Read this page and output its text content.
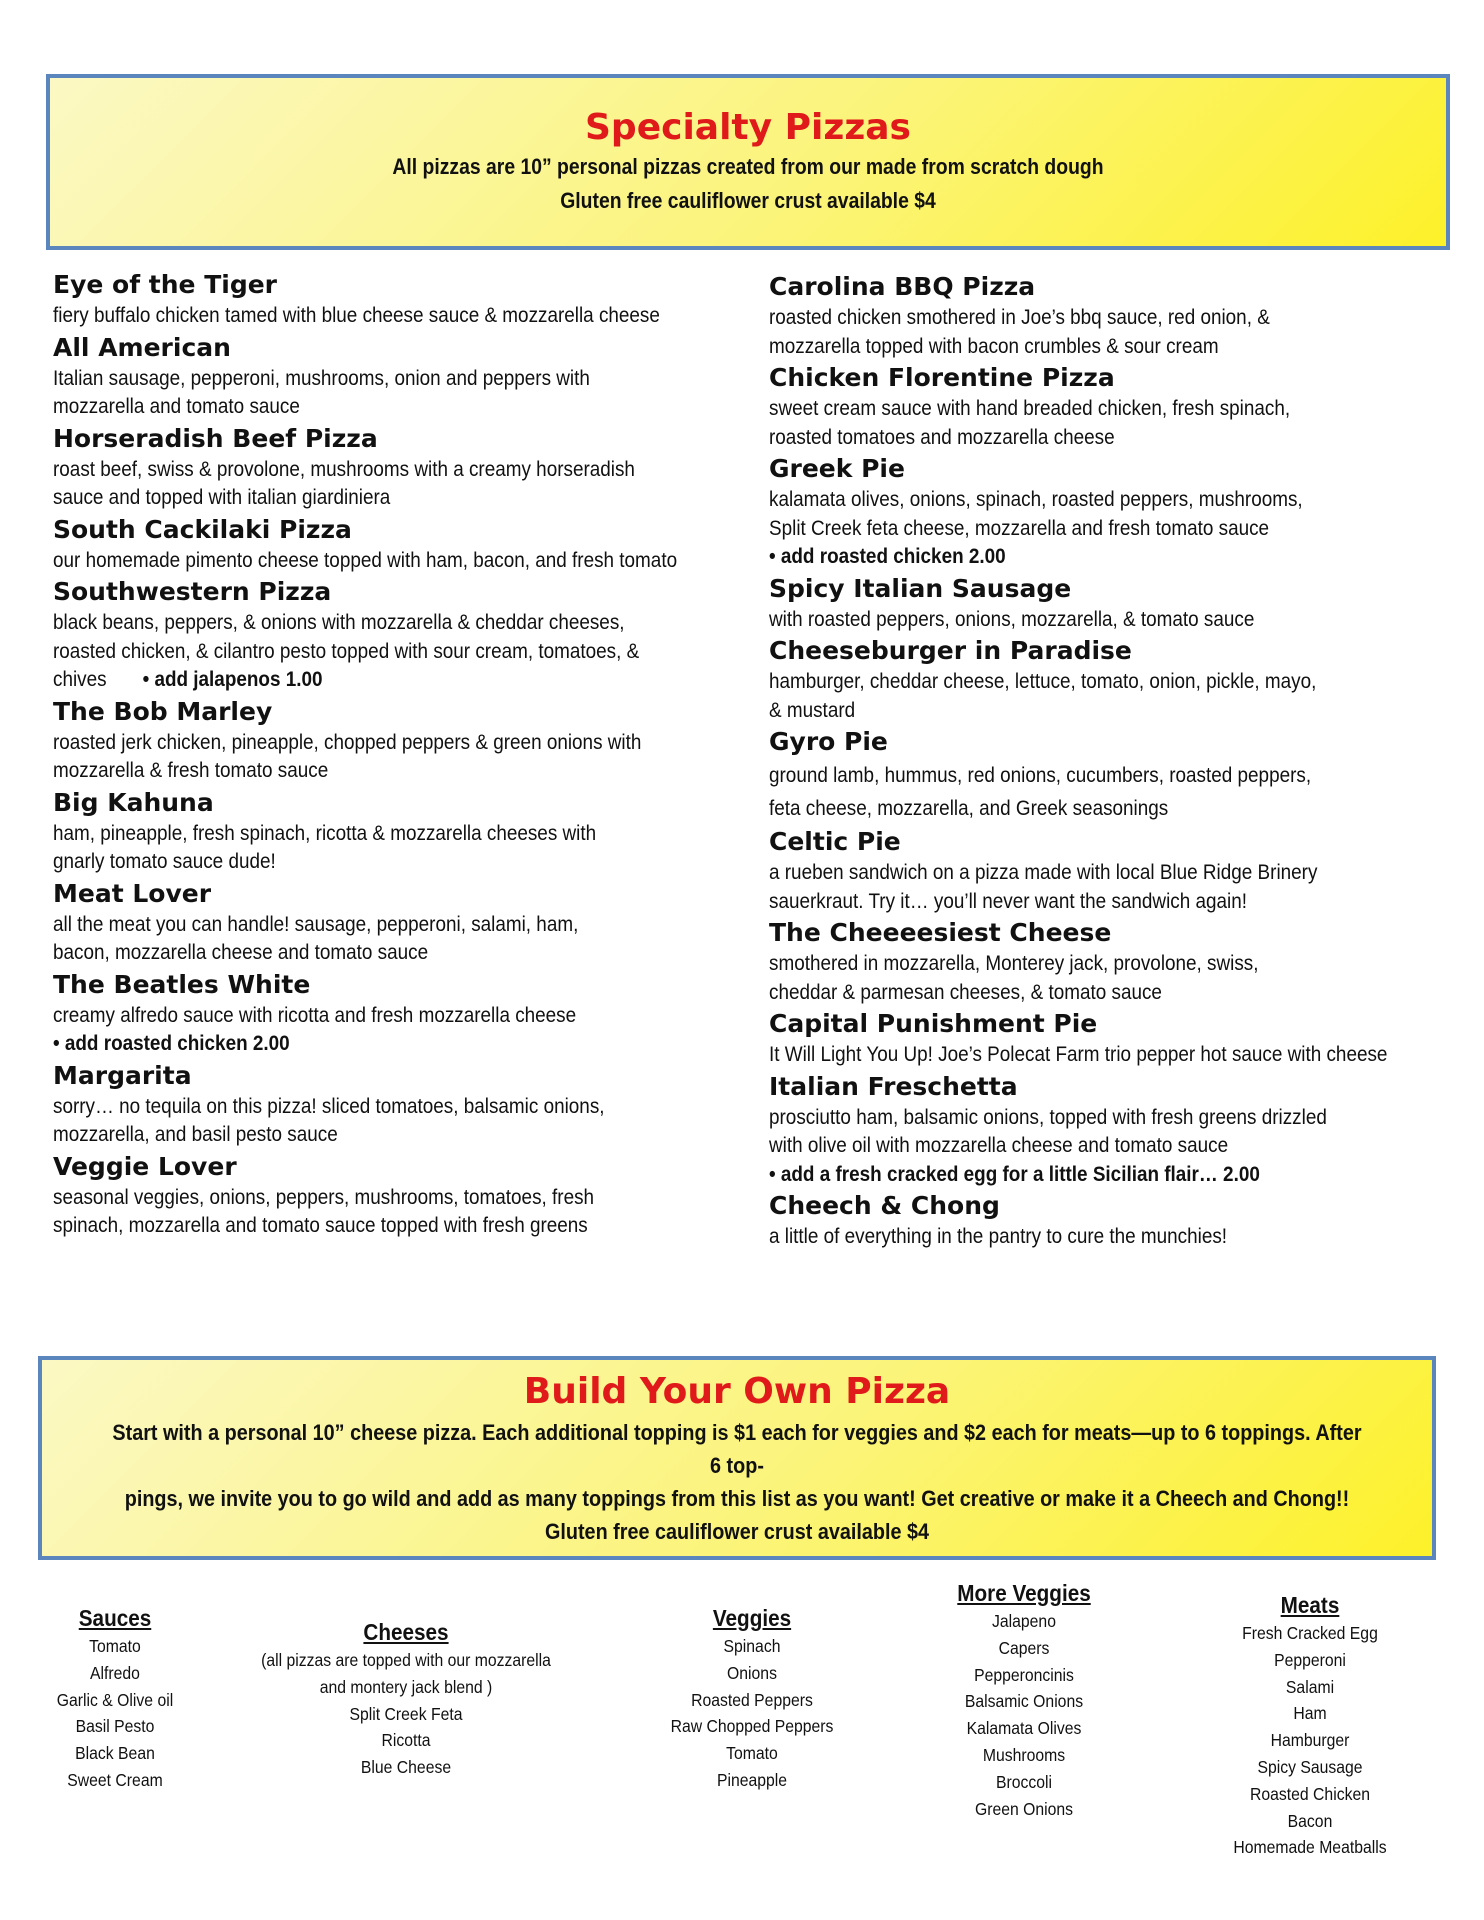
Specialty Pizzas
All pizzas are 10” personal pizzas created from our made from scratch dough
Gluten free cauliflower crust available $4
Eye of the Tiger
fiery buffalo chicken tamed with blue cheese sauce & mozzarella cheese
All American
Italian sausage, pepperoni, mushrooms, onion and peppers with
mozzarella and tomato sauce
Horseradish Beef Pizza
roast beef, swiss & provolone, mushrooms with a creamy horseradish
sauce and topped with italian giardiniera
South Cackilaki Pizza
our homemade pimento cheese topped with ham, bacon, and fresh tomato
Southwestern Pizza
black beans, peppers, & onions with mozzarella & cheddar cheeses,
roasted chicken, & cilantro pesto topped with sour cream, tomatoes, &
chives • add jalapenos 1.00
The Bob Marley
roasted jerk chicken, pineapple, chopped peppers & green onions with
mozzarella & fresh tomato sauce
Big Kahuna
ham, pineapple, fresh spinach, ricotta & mozzarella cheeses with
gnarly tomato sauce dude!
Meat Lover
all the meat you can handle! sausage, pepperoni, salami, ham,
bacon, mozzarella cheese and tomato sauce
The Beatles White
creamy alfredo sauce with ricotta and fresh mozzarella cheese
• add roasted chicken 2.00
Margarita
sorry… no tequila on this pizza! sliced tomatoes, balsamic onions,
mozzarella, and basil pesto sauce
Veggie Lover
seasonal veggies, onions, peppers, mushrooms, tomatoes, fresh
spinach, mozzarella and tomato sauce topped with fresh greens
Carolina BBQ Pizza
roasted chicken smothered in Joe’s bbq sauce, red onion, &
mozzarella topped with bacon crumbles & sour cream
Chicken Florentine Pizza
sweet cream sauce with hand breaded chicken, fresh spinach,
roasted tomatoes and mozzarella cheese
Greek Pie
kalamata olives, onions, spinach, roasted peppers, mushrooms,
Split Creek feta cheese, mozzarella and fresh tomato sauce
• add roasted chicken 2.00
Spicy Italian Sausage
with roasted peppers, onions, mozzarella, & tomato sauce
Cheeseburger in Paradise
hamburger, cheddar cheese, lettuce, tomato, onion, pickle, mayo,
& mustard
Gyro Pie
ground lamb, hummus, red onions, cucumbers, roasted peppers,
feta cheese, mozzarella, and Greek seasonings
Celtic Pie
a rueben sandwich on a pizza made with local Blue Ridge Brinery
sauerkraut. Try it… you’ll never want the sandwich again!
The Cheeeesiest Cheese
smothered in mozzarella, Monterey jack, provolone, swiss,
cheddar & parmesan cheeses, & tomato sauce
Capital Punishment Pie
It Will Light You Up! Joe’s Polecat Farm trio pepper hot sauce with cheese
Italian Freschetta
prosciutto ham, balsamic onions, topped with fresh greens drizzled
with olive oil with mozzarella cheese and tomato sauce
• add a fresh cracked egg for a little Sicilian flair… 2.00
Cheech & Chong
a little of everything in the pantry to cure the munchies!
Build Your Own Pizza
Start with a personal 10” cheese pizza. Each additional topping is $1 each for veggies and $2 each for meats—up to 6 toppings. After 6 top-
pings, we invite you to go wild and add as many toppings from this list as you want! Get creative or make it a Cheech and Chong!!
Gluten free cauliflower crust available $4
Sauces
Tomato
Alfredo
Garlic & Olive oil
Basil Pesto
Black Bean
Sweet Cream
Cheeses
(all pizzas are topped with our mozzarella
and montery jack blend )
Split Creek Feta
Ricotta
Blue Cheese
Veggies
Spinach
Onions
Roasted Peppers
Raw Chopped Peppers
Tomato
Pineapple
More Veggies
Jalapeno
Capers
Pepperoncinis
Balsamic Onions
Kalamata Olives
Mushrooms
Broccoli
Green Onions
Meats
Fresh Cracked Egg
Pepperoni
Salami
Ham
Hamburger
Spicy Sausage
Roasted Chicken
Bacon
Homemade Meatballs
